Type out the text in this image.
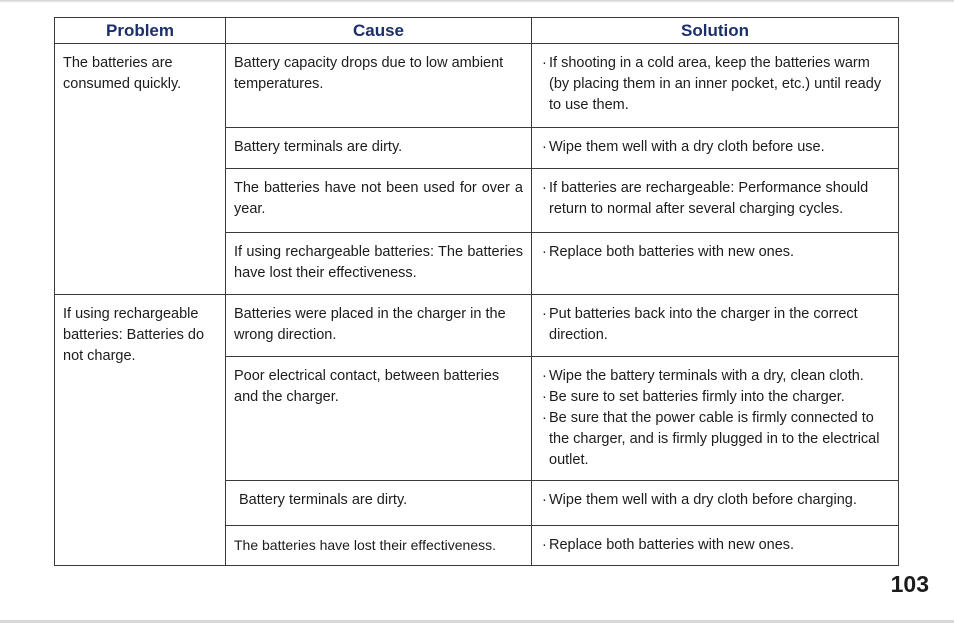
Problem	Cause	Solution
The batteries are consumed quickly.	Battery capacity drops due to low ambient temperatures.	· If shooting in a cold area, keep the batteries warm (by placing them in an inner pocket, etc.) until ready to use them.

	Battery terminals are dirty.	· Wipe them well with a dry cloth before use.

	The batteries have not been used for over a year.	· If batteries are rechargeable: Performance should return to normal after several charging cycles.

	If using rechargeable batteries: The batteries have lost their effectiveness.	· Replace both batteries with new ones.

If using rechargeable batteries: Batteries do not charge.	Batteries were placed in the charger in the wrong direction.	· Put batteries back into the charger in the correct direction.

	Poor electrical contact, between batteries and the charger.	· Wipe the battery terminals with a dry, clean cloth.
· Be sure to set batteries firmly into the charger.
· Be sure that the power cable is firmly connected to the charger, and is firmly plugged in to the electrical outlet.

	Battery terminals are dirty.	· Wipe them well with a dry cloth before charging.

	The batteries have lost their effectiveness.	· Replace both batteries with new ones.
103
